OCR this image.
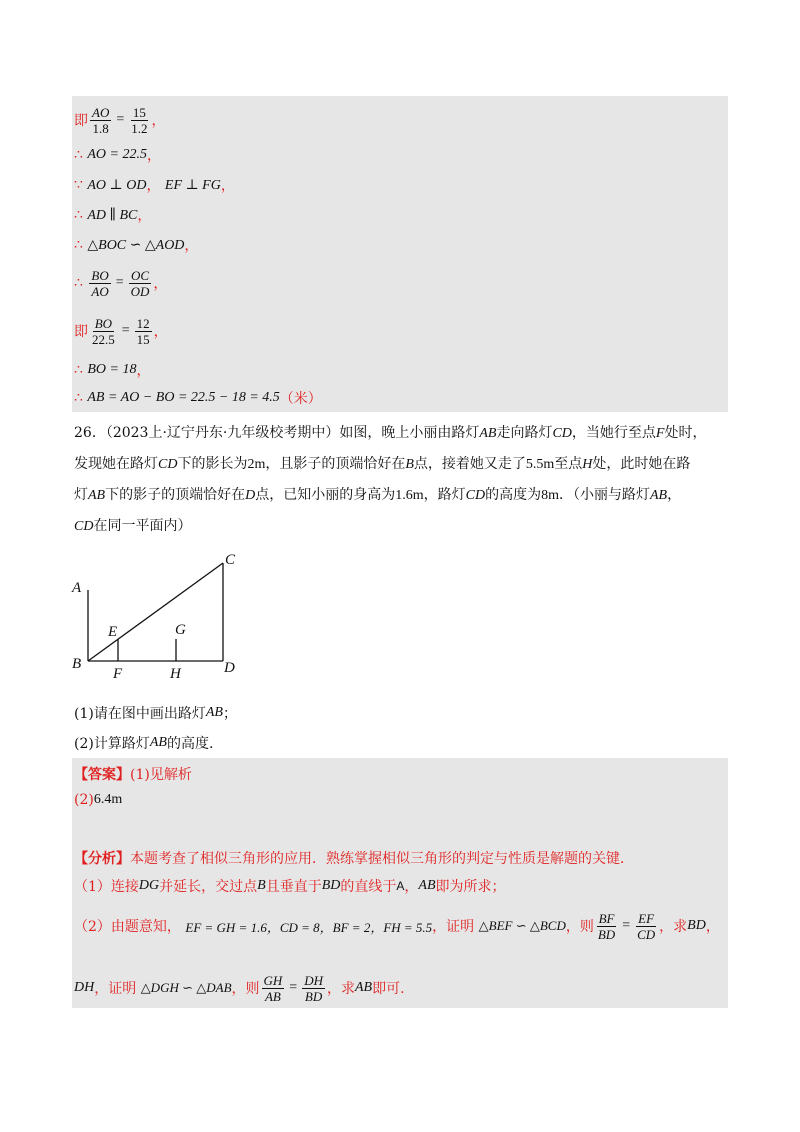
即 $\frac{AO}{1.8} = \frac{15}{1.2}$ ，
∴
AO = 22.5 ，
∵
AO ⊥ OD ，
EF ⊥ FG ，
∴
AD ∥ BC ，
∴
△BOC ∽ △AOD ，
∴
$\frac{BO}{AO} = \frac{OC}{OD}$ ，
即 $\frac{BO}{22.5} = \frac{12}{15}$ ，
∴
BO = 18 ，
∴
AB = AO − BO = 22.5 − 18 = 4.5 （米）
26．（2023上·辽宁丹东·九年级校考期中）如图，晚上小丽由路灯AB走向路灯CD，当她行至点F处时，
发现她在路灯CD下的影长为2m，且影子的顶端恰好在B点，接着她又走了5.5m至点H处，此时她在路
灯AB下的影子的顶端恰好在D点，已知小丽的身高为1.6m，路灯CD的高度为8m．（小丽与路灯AB，
CD在同一平面内）
A
B
C
D
E
F
G
H
(1)请在图中画出路灯 AB ；
(2)计算路灯 AB 的高度.
【答案】 (1)见解析
(2) 6.4m
【分析】 本题考查了相似三角形的应用．熟练掌握相似三角形的判定与性质是解题的关键．
（1）连接 DG 并延长，交过点 B 且垂直于 BD 的直线于 A ， AB 即为所求；
（2）由题意知，
EF = GH = 1.6，CD = 8，BF = 2，FH = 5.5 ，证明
△BEF ∽ △BCD ，则 $\frac{BF}{BD} = \frac{EF}{CD}$ ，求 BD ，
DH ，证明
△DGH ∽ △DAB ，则 $\frac{GH}{AB} = \frac{DH}{BD}$ ，求 AB 即可.
